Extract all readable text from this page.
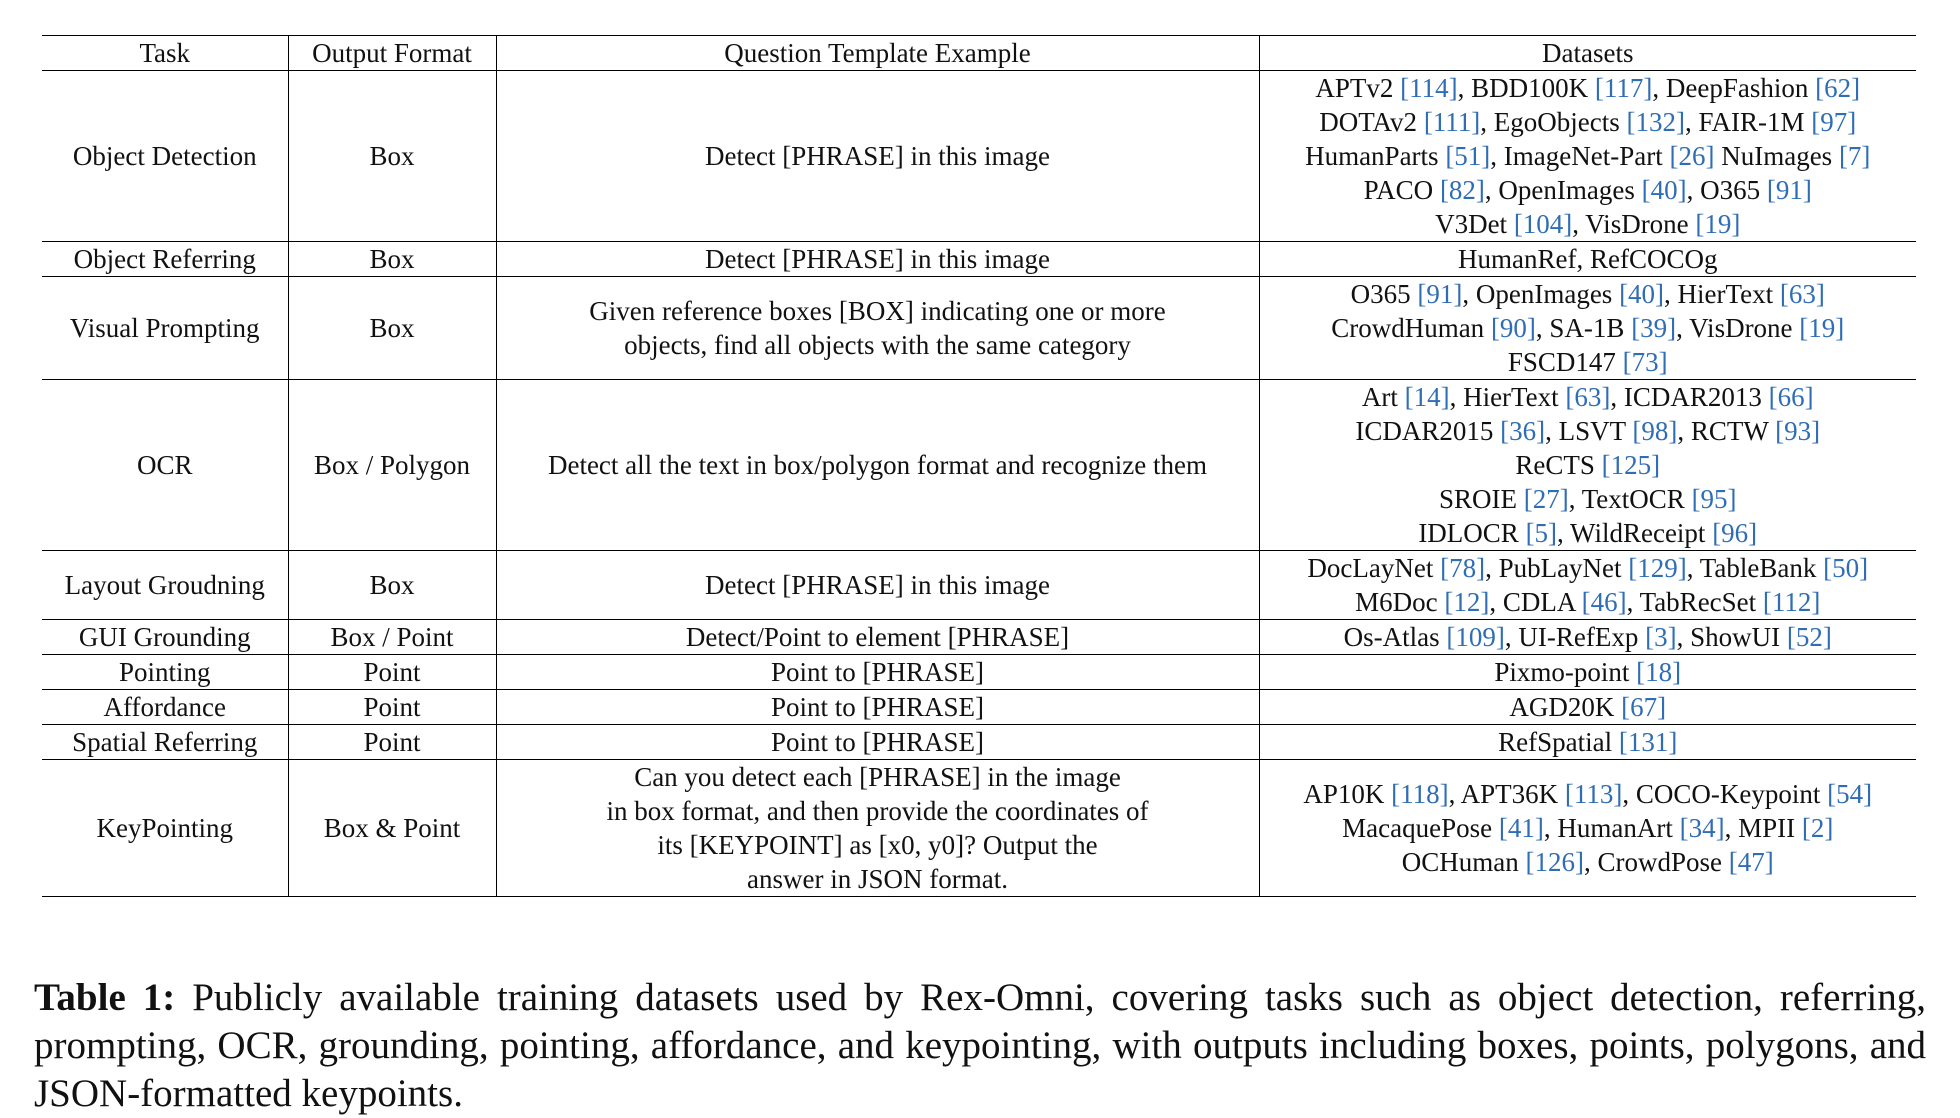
Task	Output Format	Question Template Example	Datasets
Object Detection	Box	Detect [PHRASE] in this image	APTv2 [114], BDD100K [117], DeepFashion [62]
DOTAv2 [111], EgoObjects [132], FAIR-1M [97]
HumanParts [51], ImageNet-Part [26] NuImages [7]
PACO [82], OpenImages [40], O365 [91]
V3Det [104], VisDrone [19]

Object Referring	Box	Detect [PHRASE] in this image	HumanRef, RefCOCOg

Visual Prompting	Box	Given reference boxes [BOX] indicating one or more
objects, find all objects with the same category	O365 [91], OpenImages [40], HierText [63]
CrowdHuman [90], SA-1B [39], VisDrone [19]
FSCD147 [73]

OCR	Box / Polygon	Detect all the text in box/polygon format and recognize them	Art [14], HierText [63], ICDAR2013 [66]
ICDAR2015 [36], LSVT [98], RCTW [93]
ReCTS [125]
SROIE [27], TextOCR [95]
IDLOCR [5], WildReceipt [96]

Layout Groudning	Box	Detect [PHRASE] in this image	DocLayNet [78], PubLayNet [129], TableBank [50]
M6Doc [12], CDLA [46], TabRecSet [112]

GUI Grounding	Box / Point	Detect/Point to element [PHRASE]	Os-Atlas [109], UI-RefExp [3], ShowUI [52]

Pointing	Point	Point to [PHRASE]	Pixmo-point [18]

Affordance	Point	Point to [PHRASE]	AGD20K [67]

Spatial Referring	Point	Point to [PHRASE]	RefSpatial [131]

KeyPointing	Box & Point	Can you detect each [PHRASE] in the image
in box format, and then provide the coordinates of
its [KEYPOINT] as [x0, y0]? Output the
answer in JSON format.	AP10K [118], APT36K [113], COCO-Keypoint [54]
MacaquePose [41], HumanArt [34], MPII [2]
OCHuman [126], CrowdPose [47]

Table 1: Publicly available training datasets used by Rex-Omni, covering tasks such as object detection, referring, prompting, OCR, grounding, pointing, affordance, and keypointing, with outputs including boxes, points, polygons, and JSON-formatted keypoints.
